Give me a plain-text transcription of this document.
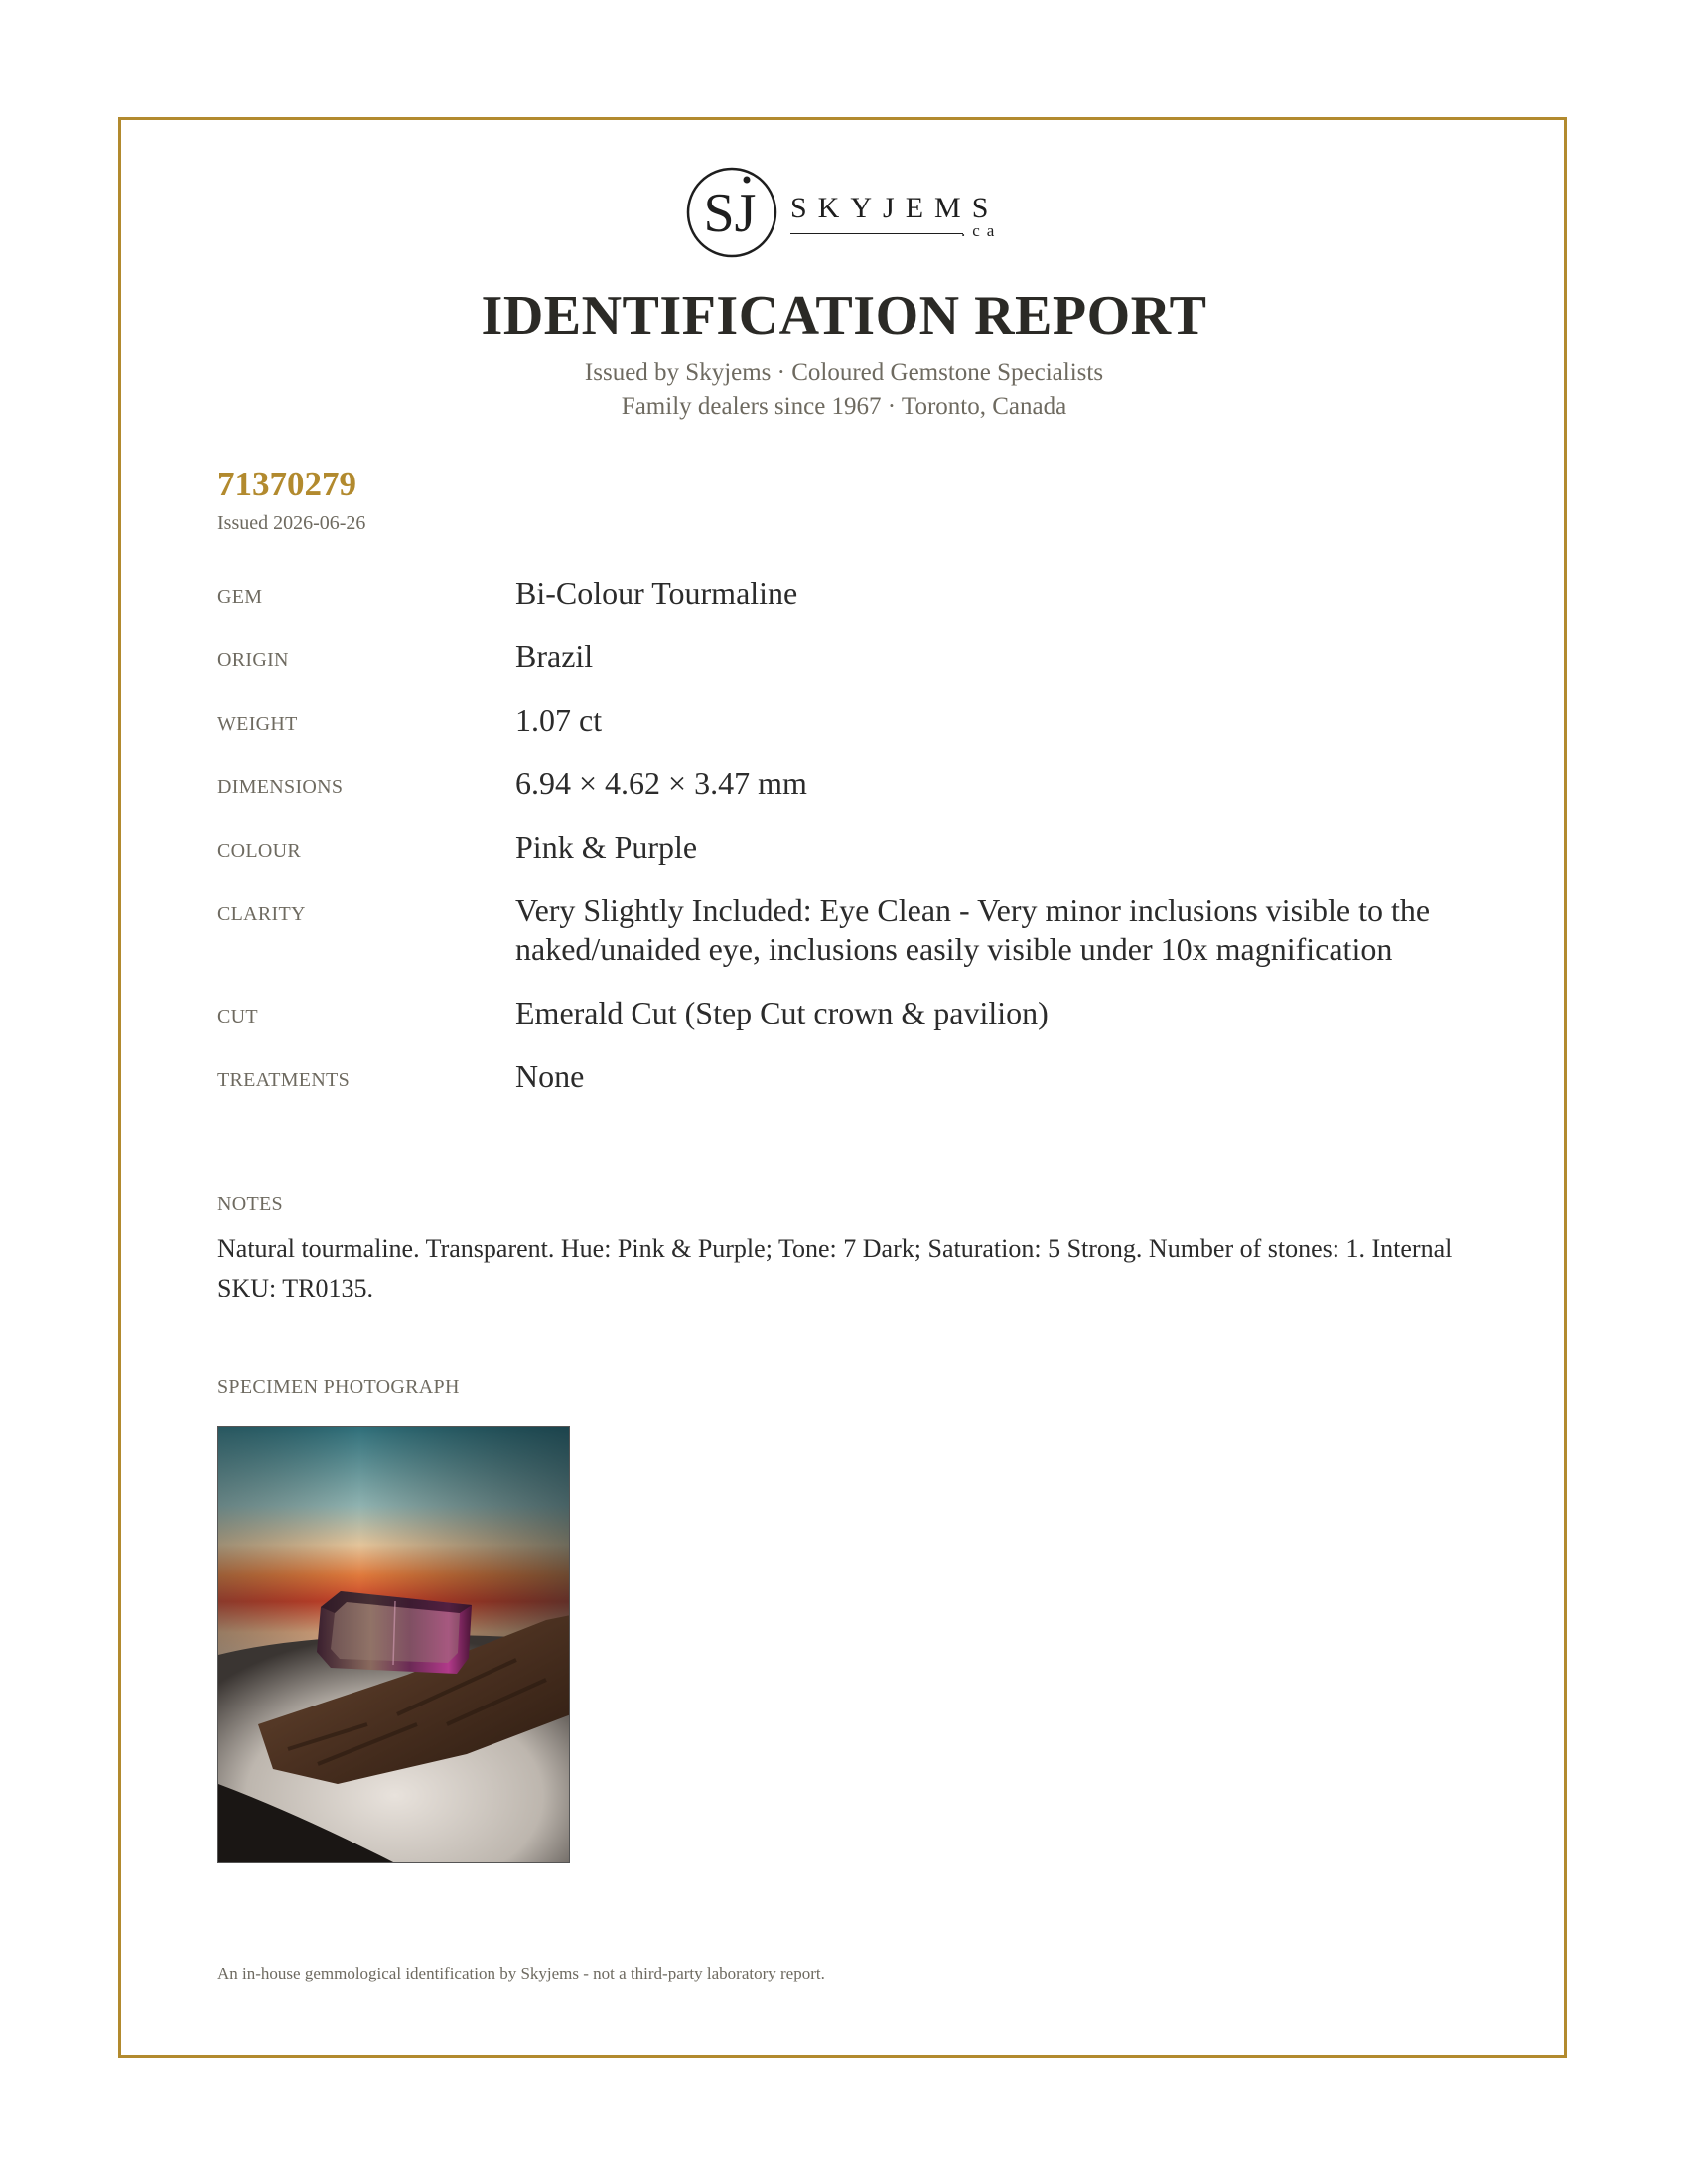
SJ SKYJEMS
.ca
IDENTIFICATION REPORT
Issued by Skyjems · Coloured Gemstone Specialists
Family dealers since 1967 · Toronto, Canada
71370279
Issued 2026-06-26
GEM	Bi-Colour Tourmaline
ORIGIN	Brazil
WEIGHT	1.07 ct
DIMENSIONS	6.94 × 4.62 × 3.47 mm
COLOUR	Pink & Purple
CLARITY	Very Slightly Included: Eye Clean - Very minor inclusions visible to the naked/unaided eye, inclusions easily visible under 10x magnification
CUT	Emerald Cut (Step Cut crown & pavilion)
TREATMENTS	None
NOTES
Natural tourmaline. Transparent. Hue: Pink & Purple; Tone: 7 Dark; Saturation: 5 Strong. Number of stones: 1. Internal SKU: TR0135.
SPECIMEN PHOTOGRAPH
An in-house gemmological identification by Skyjems - not a third-party laboratory report.
